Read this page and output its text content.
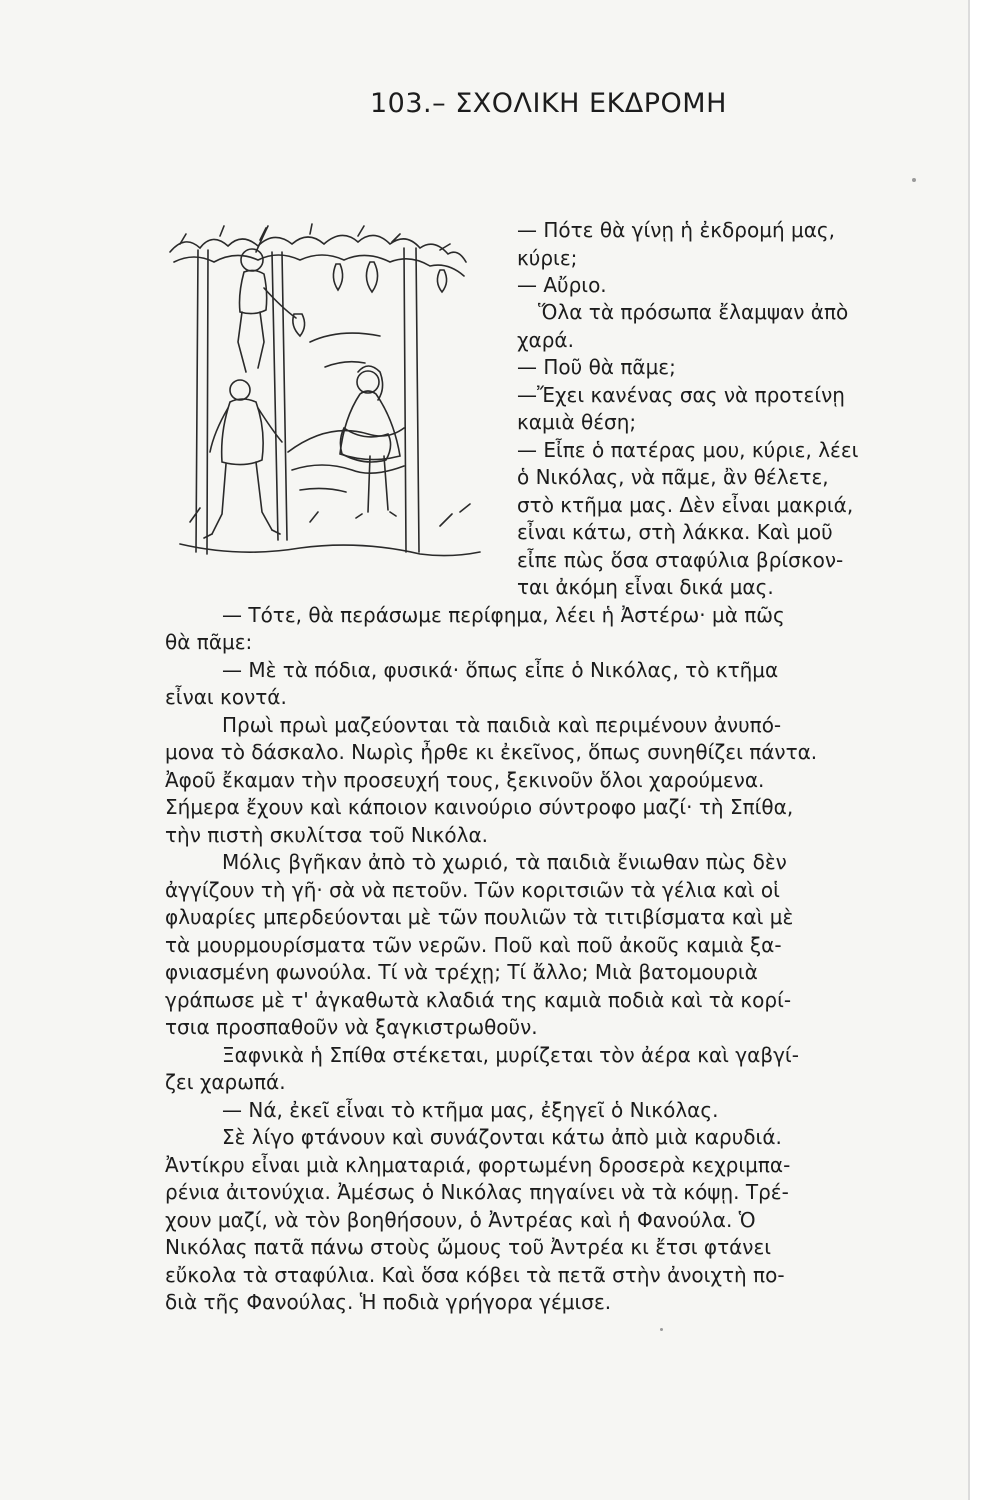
103.– ΣΧΟΛΙΚΗ ΕΚΔΡΟΜΗ
— Πότε θὰ γίνῃ ἡ ἐκδρομή μας,
κύριε;
— Αὔριο.
Ὅλα τὰ πρόσωπα ἔλαμψαν ἀπὸ
χαρά.
— Ποῦ θὰ πᾶμε;
—Ἔχει κανένας σας νὰ προτείνῃ
καμιὰ θέση;
— Εἶπε ὁ πατέρας μου, κύριε, λέει
ὁ Νικόλας, νὰ πᾶμε, ἂν θέλετε,
στὸ κτῆμα μας. Δὲν εἶναι μακριά,
εἶναι κάτω, στὴ λάκκα. Καὶ μοῦ
εἶπε πὼς ὅσα σταφύλια βρίσκον-
ται ἀκόμη εἶναι δικά μας.
— Τότε, θὰ περάσωμε περίφημα, λέει ἡ Ἀστέρω· μὰ πῶς
θὰ πᾶμε:
— Μὲ τὰ πόδια, φυσικά· ὅπως εἶπε ὁ Νικόλας, τὸ κτῆμα
εἶναι κοντά.
Πρωὶ πρωὶ μαζεύονται τὰ παιδιὰ καὶ περιμένουν ἀνυπό-
μονα τὸ δάσκαλο. Νωρὶς ἦρθε κι ἐκεῖνος, ὅπως συνηθίζει πάντα.
Ἀφοῦ ἔκαμαν τὴν προσευχή τους, ξεκινοῦν ὅλοι χαρούμενα.
Σήμερα ἔχουν καὶ κάποιον καινούριο σύντροφο μαζί· τὴ Σπίθα,
τὴν πιστὴ σκυλίτσα τοῦ Νικόλα.
Μόλις βγῆκαν ἀπὸ τὸ χωριό, τὰ παιδιὰ ἔνιωθαν πὼς δὲν
ἀγγίζουν τὴ γῆ· σὰ νὰ πετοῦν. Τῶν κοριτσιῶν τὰ γέλια καὶ οἱ
φλυαρίες μπερδεύονται μὲ τῶν πουλιῶν τὰ τιτιβίσματα καὶ μὲ
τὰ μουρμουρίσματα τῶν νερῶν. Ποῦ καὶ ποῦ ἀκοῦς καμιὰ ξα-
φνιασμένη φωνούλα. Τί νὰ τρέχῃ; Τί ἄλλο; Μιὰ βατομουριὰ
γράπωσε μὲ τ' ἀγκαθωτὰ κλαδιά της καμιὰ ποδιὰ καὶ τὰ κορί-
τσια προσπαθοῦν νὰ ξαγκιστρωθοῦν.
Ξαφνικὰ ἡ Σπίθα στέκεται, μυρίζεται τὸν ἀέρα καὶ γαβγί-
ζει χαρωπά.
— Νά, ἐκεῖ εἶναι τὸ κτῆμα μας, ἐξηγεῖ ὁ Νικόλας.
Σὲ λίγο φτάνουν καὶ συνάζονται κάτω ἀπὸ μιὰ καρυδιά.
Ἀντίκρυ εἶναι μιὰ κληματαριά, φορτωμένη δροσερὰ κεχριμπα-
ρένια ἀιτονύχια. Ἀμέσως ὁ Νικόλας πηγαίνει νὰ τὰ κόψῃ. Τρέ-
χουν μαζί, νὰ τὸν βοηθήσουν, ὁ Ἀντρέας καὶ ἡ Φανούλα. Ὁ
Νικόλας πατᾶ πάνω στοὺς ὤμους τοῦ Ἀντρέα κι ἔτσι φτάνει
εὔκολα τὰ σταφύλια. Καὶ ὅσα κόβει τὰ πετᾶ στὴν ἀνοιχτὴ πο-
διὰ τῆς Φανούλας. Ἡ ποδιὰ γρήγορα γέμισε.
